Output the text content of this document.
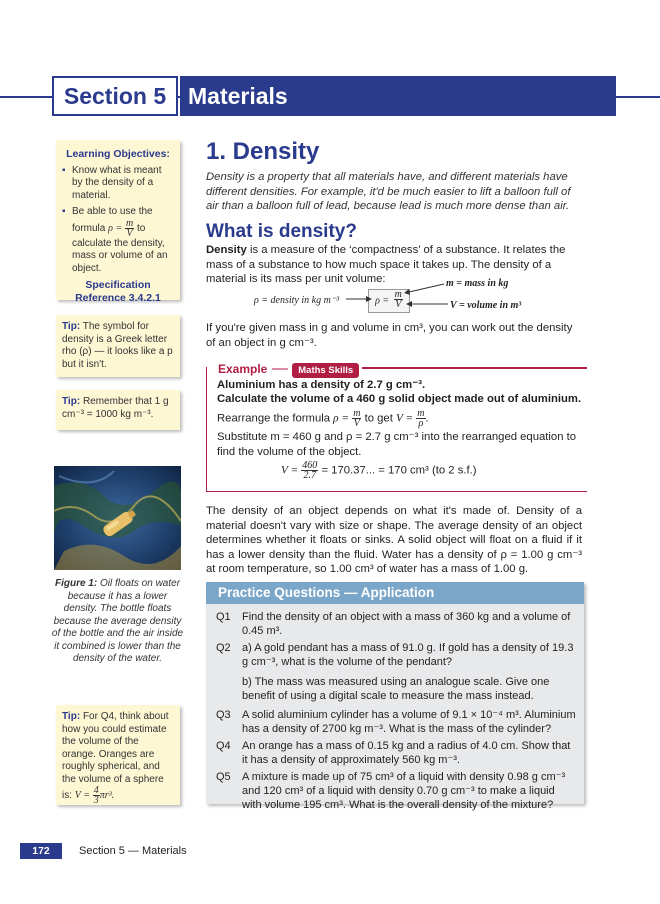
Section 5 Materials
Learning Objectives:
▪ Know what is meant by the density of a material.
▪ Be able to use the formula $\rho = \frac{m}{V}$ to calculate the density, mass or volume of an object.
Specification
Reference 3.4.2.1
Tip: The symbol for density is a Greek letter rho (ρ) — it looks like a p but it isn't.
Tip: Remember that 1 g cm⁻³ = 1000 kg m⁻³.
Figure 1: Oil floats on water because it has a lower density. The bottle floats because the average density of the bottle and the air inside it combined is lower than the density of the water.
Tip: For Q4, think about how you could estimate the volume of the orange. Oranges are roughly spherical, and the volume of a sphere is: $V = \frac{4}{3} \pi r^3$.
1. Density
Density is a property that all materials have, and different materials have different densities. For example, it'd be much easier to lift a balloon full of air than a balloon full of lead, because lead is much more dense than air.
What is density?
Density is a measure of the ‘compactness’ of a substance. It relates the mass of a substance to how much space it takes up. The density of a material is its mass per unit volume:	m = mass in kg
ρ = density in kg m⁻³	$\rho = \frac{m}{V}$	V = volume in m³
If you're given mass in g and volume in cm³, you can work out the density of an object in g cm⁻³.
Example — Maths Skills
Aluminium has a density of 2.7 g cm⁻³.
Calculate the volume of a 460 g solid object made out of aluminium.
Rearrange the formula $\rho = \frac{m}{V}$ to get $V = \frac{m}{\rho}$ .
Substitute m = 460 g and ρ = 2.7 g cm⁻³ into the rearranged equation to find the volume of the object.
$V = \frac{460}{2.7} = 170.37$... = 170 cm³ (to 2 s.f.)
The density of an object depends on what it's made of. Density of a material doesn't vary with size or shape. The average density of an object determines whether it floats or sinks. A solid object will float on a fluid if it has a lower density than the fluid. Water has a density of ρ = 1.00 g cm⁻³ at room temperature, so 1.00 cm³ of water has a mass of 1.00 g.
Practice Questions — Application
Q1	Find the density of an object with a mass of 360 kg and a volume of 0.45 m³.
Q2	a) A gold pendant has a mass of 91.0 g. If gold has a density of 19.3 g cm⁻³, what is the volume of the pendant?
b) The mass was measured using an analogue scale. Give one benefit of using a digital scale to measure the mass instead.
Q3	A solid aluminium cylinder has a volume of 9.1 × 10⁻⁴ m³. Aluminium has a density of 2700 kg m⁻³. What is the mass of the cylinder?
Q4	An orange has a mass of 0.15 kg and a radius of 4.0 cm. Show that it has a density of approximately 560 kg m⁻³.
Q5	A mixture is made up of 75 cm³ of a liquid with density 0.98 g cm⁻³ and 120 cm³ of a liquid with density 0.70 g cm⁻³ to make a liquid with volume 195 cm³. What is the overall density of the mixture?
172	Section 5 — Materials
